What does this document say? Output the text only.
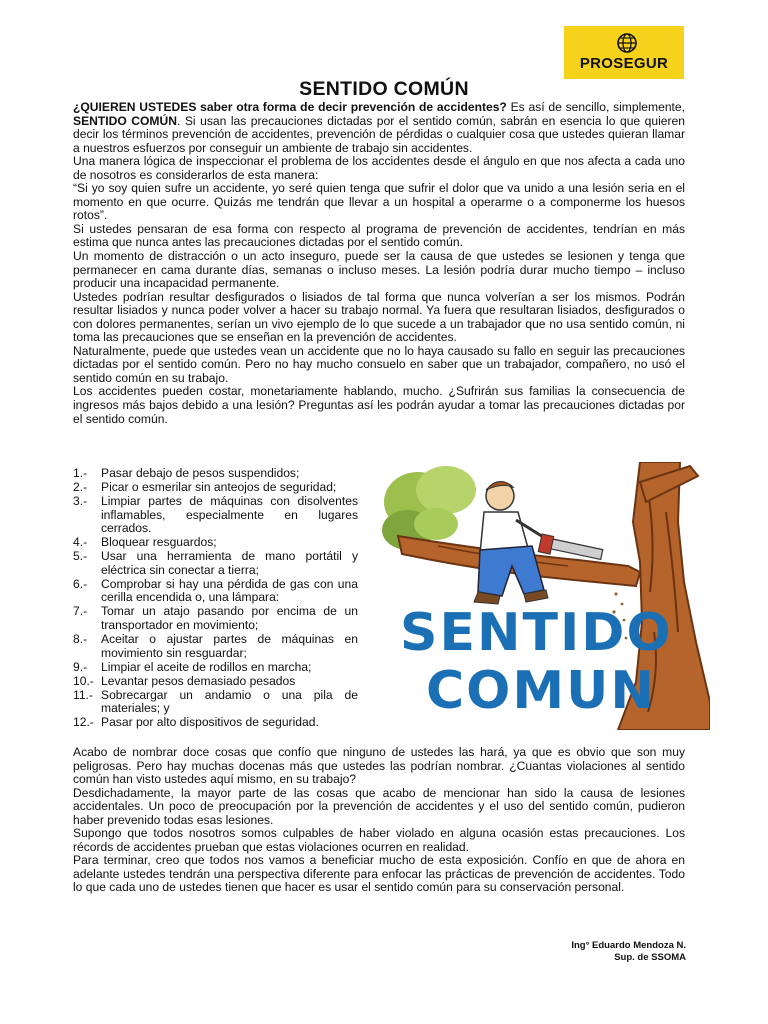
PROSEGUR
SENTIDO COMÚN

¿QUIEREN USTEDES saber otra forma de decir prevención de accidentes? Es así de sencillo, simplemente, SENTIDO COMÚN. Si usan las precauciones dictadas por el sentido común, sabrán en esencia lo que quieren decir los términos prevención de accidentes, prevención de pérdidas o cualquier cosa que ustedes quieran llamar a nuestros esfuerzos por conseguir un ambiente de trabajo sin accidentes.

Una manera lógica de inspeccionar el problema de los accidentes desde el ángulo en que nos afecta a cada uno de nosotros es considerarlos de esta manera:

“Si yo soy quien sufre un accidente, yo seré quien tenga que sufrir el dolor que va unido a una lesión seria en el momento en que ocurre. Quizás me tendrán que llevar a un hospital a operarme o a componerme los huesos rotos”.

Si ustedes pensaran de esa forma con respecto al programa de prevención de accidentes, tendrían en más estima que nunca antes las precauciones dictadas por el sentido común.

Un momento de distracción o un acto inseguro, puede ser la causa de que ustedes se lesionen y tenga que permanecer en cama durante días, semanas o incluso meses. La lesión podría durar mucho tiempo – incluso producir una incapacidad permanente.

Ustedes podrían resultar desfigurados o lisiados de tal forma que nunca volverían a ser los mismos. Podrán resultar lisiados y nunca poder volver a hacer su trabajo normal. Ya fuera que resultaran lisiados, desfigurados o con dolores permanentes, serían un vivo ejemplo de lo que sucede a un trabajador que no usa sentido común, ni toma las precauciones que se enseñan en la prevención de accidentes.

Naturalmente, puede que ustedes vean un accidente que no lo haya causado su fallo en seguir las precauciones dictadas por el sentido común. Pero no hay mucho consuelo en saber que un trabajador, compañero, no usó el sentido común en su trabajo.

Los accidentes pueden costar, monetariamente hablando, mucho. ¿Sufrirán sus familias la consecuencia de ingresos más bajos debido a una lesión? Preguntas así les podrán ayudar a tomar las precauciones dictadas por el sentido común.

1.-	Pasar debajo de pesos suspendidos;
2.-	Picar o esmerilar sin anteojos de seguridad;
3.-	Limpiar partes de máquinas con disolventes inflamables, especialmente en lugares cerrados.
4.-	Bloquear resguardos;
5.-	Usar una herramienta de mano portátil y eléctrica sin conectar a tierra;
6.-	Comprobar si hay una pérdida de gas con una cerilla encendida o, una lámpara:
7.-	Tomar un atajo pasando por encima de un transportador en movimiento;
8.-	Aceitar o ajustar partes de máquinas en movimiento sin resguardar;
9.-	Limpiar el aceite de rodillos en marcha;
10.- Levantar pesos demasiado pesados
11.- Sobrecargar un andamio o una pila de materiales; y
12.- Pasar por alto dispositivos de seguridad.
SENTIDO
COMUN

Acabo de nombrar doce cosas que confío que ninguno de ustedes las hará, ya que es obvio que son muy peligrosas. Pero hay muchas docenas más que ustedes las podrían nombrar. ¿Cuantas violaciones al sentido común han visto ustedes aquí mismo, en su trabajo?

Desdichadamente, la mayor parte de las cosas que acabo de mencionar han sido la causa de lesiones accidentales. Un poco de preocupación por la prevención de accidentes y el uso del sentido común, pudieron haber prevenido todas esas lesiones.

Supongo que todos nosotros somos culpables de haber violado en alguna ocasión estas precauciones. Los récords de accidentes prueban que estas violaciones ocurren en realidad.

Para terminar, creo que todos nos vamos a beneficiar mucho de esta exposición. Confío en que de ahora en adelante ustedes tendrán una perspectiva diferente para enfocar las prácticas de prevención de accidentes. Todo lo que cada uno de ustedes tienen que hacer es usar el sentido común para su conservación personal.

Ing° Eduardo Mendoza N.
Sup. de SSOMA
